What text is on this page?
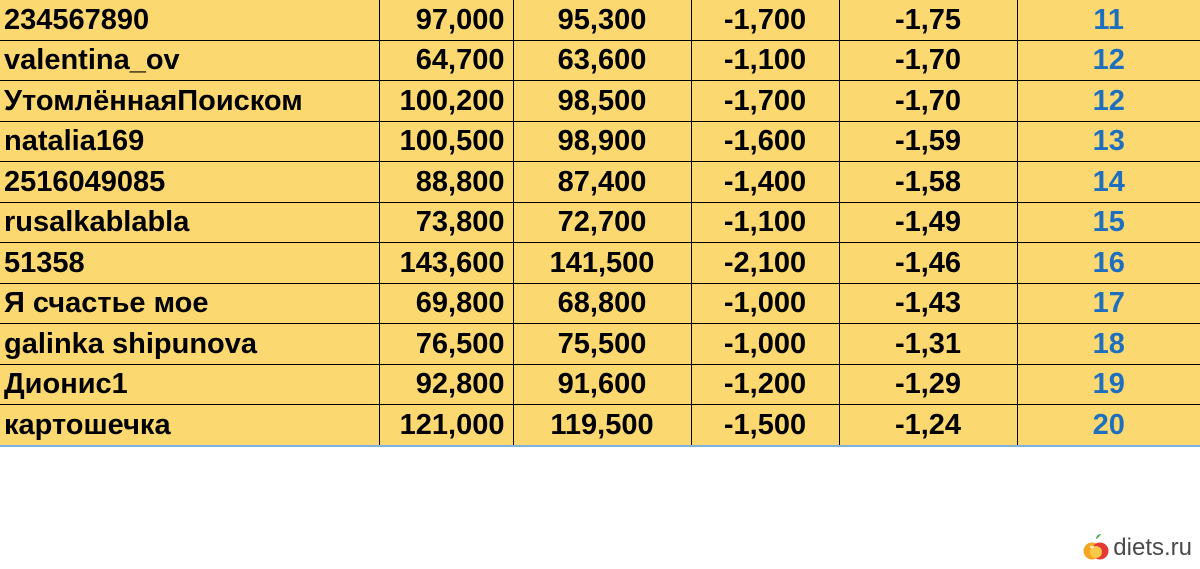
234567890	97,000	95,300	-1,700	-1,75	11
valentina_ov	64,700	63,600	-1,100	-1,70	12
УтомлённаяПоиском	100,200	98,500	-1,700	-1,70	12
natalia169	100,500	98,900	-1,600	-1,59	13
2516049085	88,800	87,400	-1,400	-1,58	14
rusalkablabla	73,800	72,700	-1,100	-1,49	15
51358	143,600	141,500	-2,100	-1,46	16
Я счастье мое	69,800	68,800	-1,000	-1,43	17
galinka shipunova	76,500	75,500	-1,000	-1,31	18
Дионис1	92,800	91,600	-1,200	-1,29	19
картошечка	121,000	119,500	-1,500	-1,24	20
diets.ru
